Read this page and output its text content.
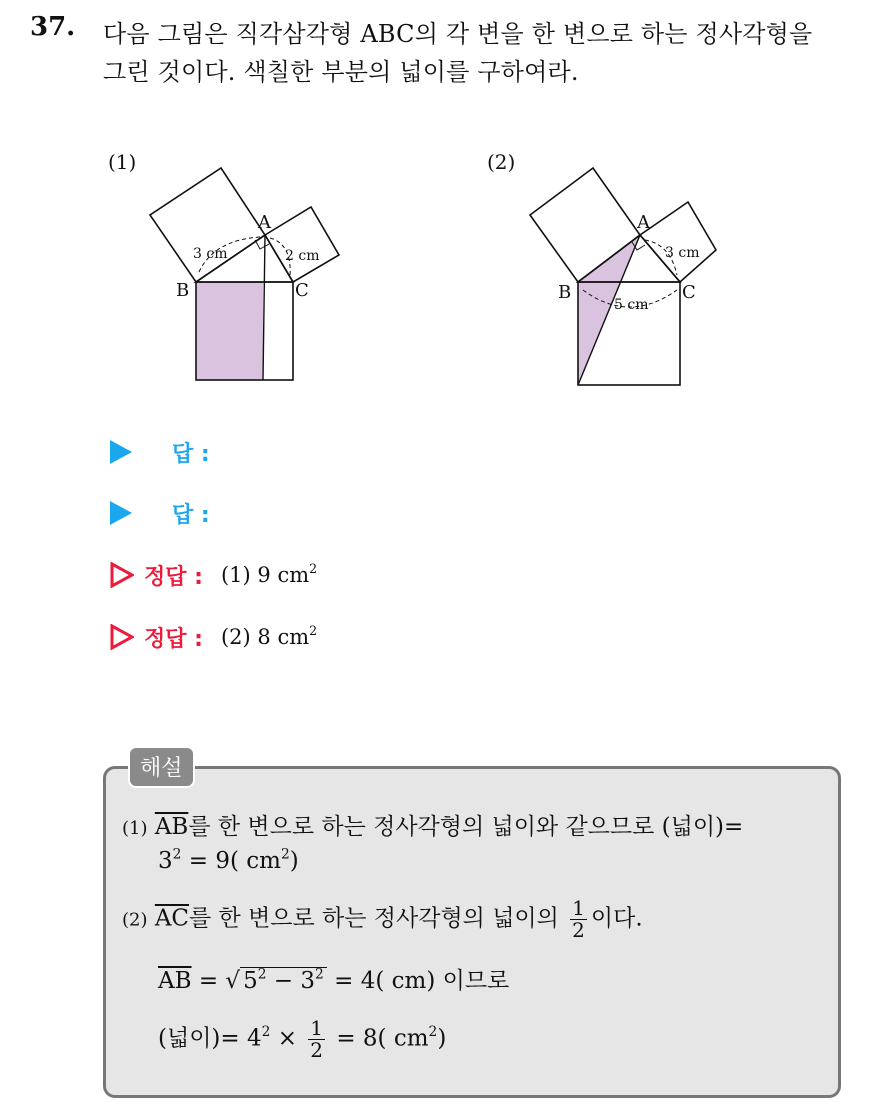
37. 다음 그림은 직각삼각형 ABC의 각 변을 한 변으로 하는 정사각형을
그린 것이다. 색칠한 부분의 넓이를 구하여라.
(1)
A
B	C
3 cm	2 cm
(2)
A
B	C
5 cm
3 cm
답 :
답 :
정답 : (1) 9 $cm^2$
정답 : (2) 8 $cm^2$
해설
(1) $\overline{AB}$를 한 변으로 하는 정사각형의 넓이와 같으므로 (넓이)=
$3^2 = 9$( $cm^2$)
(2) $\overline{AC}$를 한 변으로 하는 정사각형의 넓이의 $\frac{1}{2}$ 이다.
$\overline{AB}$ = √ $5^2 - 3^2 = 4$( cm) 이므로
(넓이)= $4^2 \times \frac{1}{2} = 8$( $cm^2$)
